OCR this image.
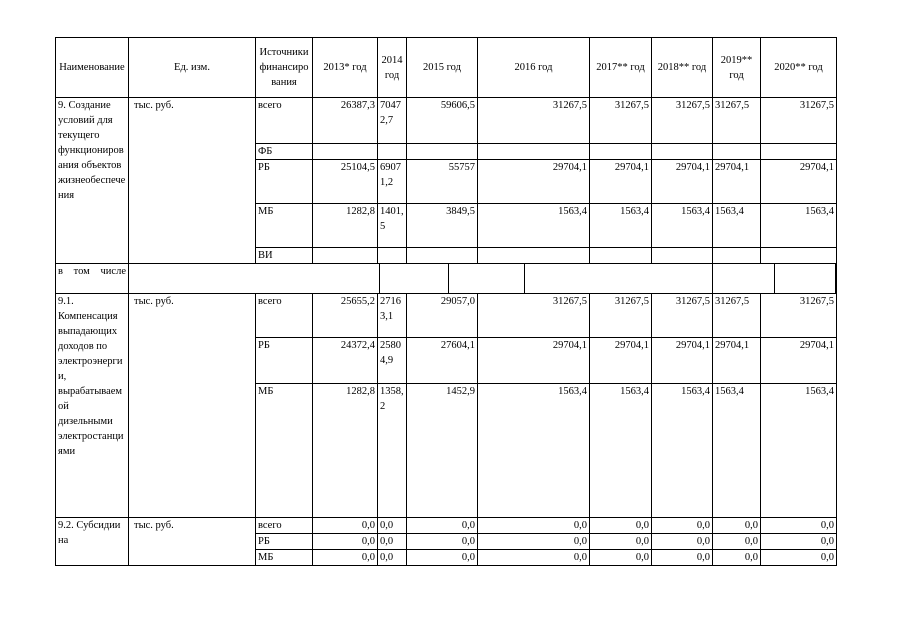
Наименование	Ед. изм.	Источники финансирования	2013* год	2014 год	2015 год	2016 год	2017** год	2018** год	2019** год	2020** год
9. Создание условий для текущего функционирования объектов жизнеобеспечения	тыс. руб.	всего	26387,3	70472,7	59606,5	31267,5	31267,5	31267,5	31267,5	31267,5
		ФБ								
		РБ	25104,5	69071,2	55757	29704,1	29704,1	29704,1	29704,1	29704,1
		МБ	1282,8	1401,5	3849,5	1563,4	1563,4	1563,4	1563,4	1563,4
		ВИ								
в том числе										

9.1. Компенсация выпадающих доходов по электроэнергии, вырабатываемой дизельными электростанциями	тыс. руб.	всего	25655,2	27163,1	29057,0	31267,5	31267,5	31267,5	31267,5	31267,5
		РБ	24372,4	25804,9	27604,1	29704,1	29704,1	29704,1	29704,1	29704,1
		МБ	1282,8	1358,2	1452,9	1563,4	1563,4	1563,4	1563,4	1563,4
9.2. Субсидии на	тыс. руб.	всего	0,0	0,0	0,0	0,0	0,0	0,0	0,0	0,0
		РБ	0,0	0,0	0,0	0,0	0,0	0,0	0,0	0,0
		МБ	0,0	0,0	0,0	0,0	0,0	0,0	0,0	0,0
